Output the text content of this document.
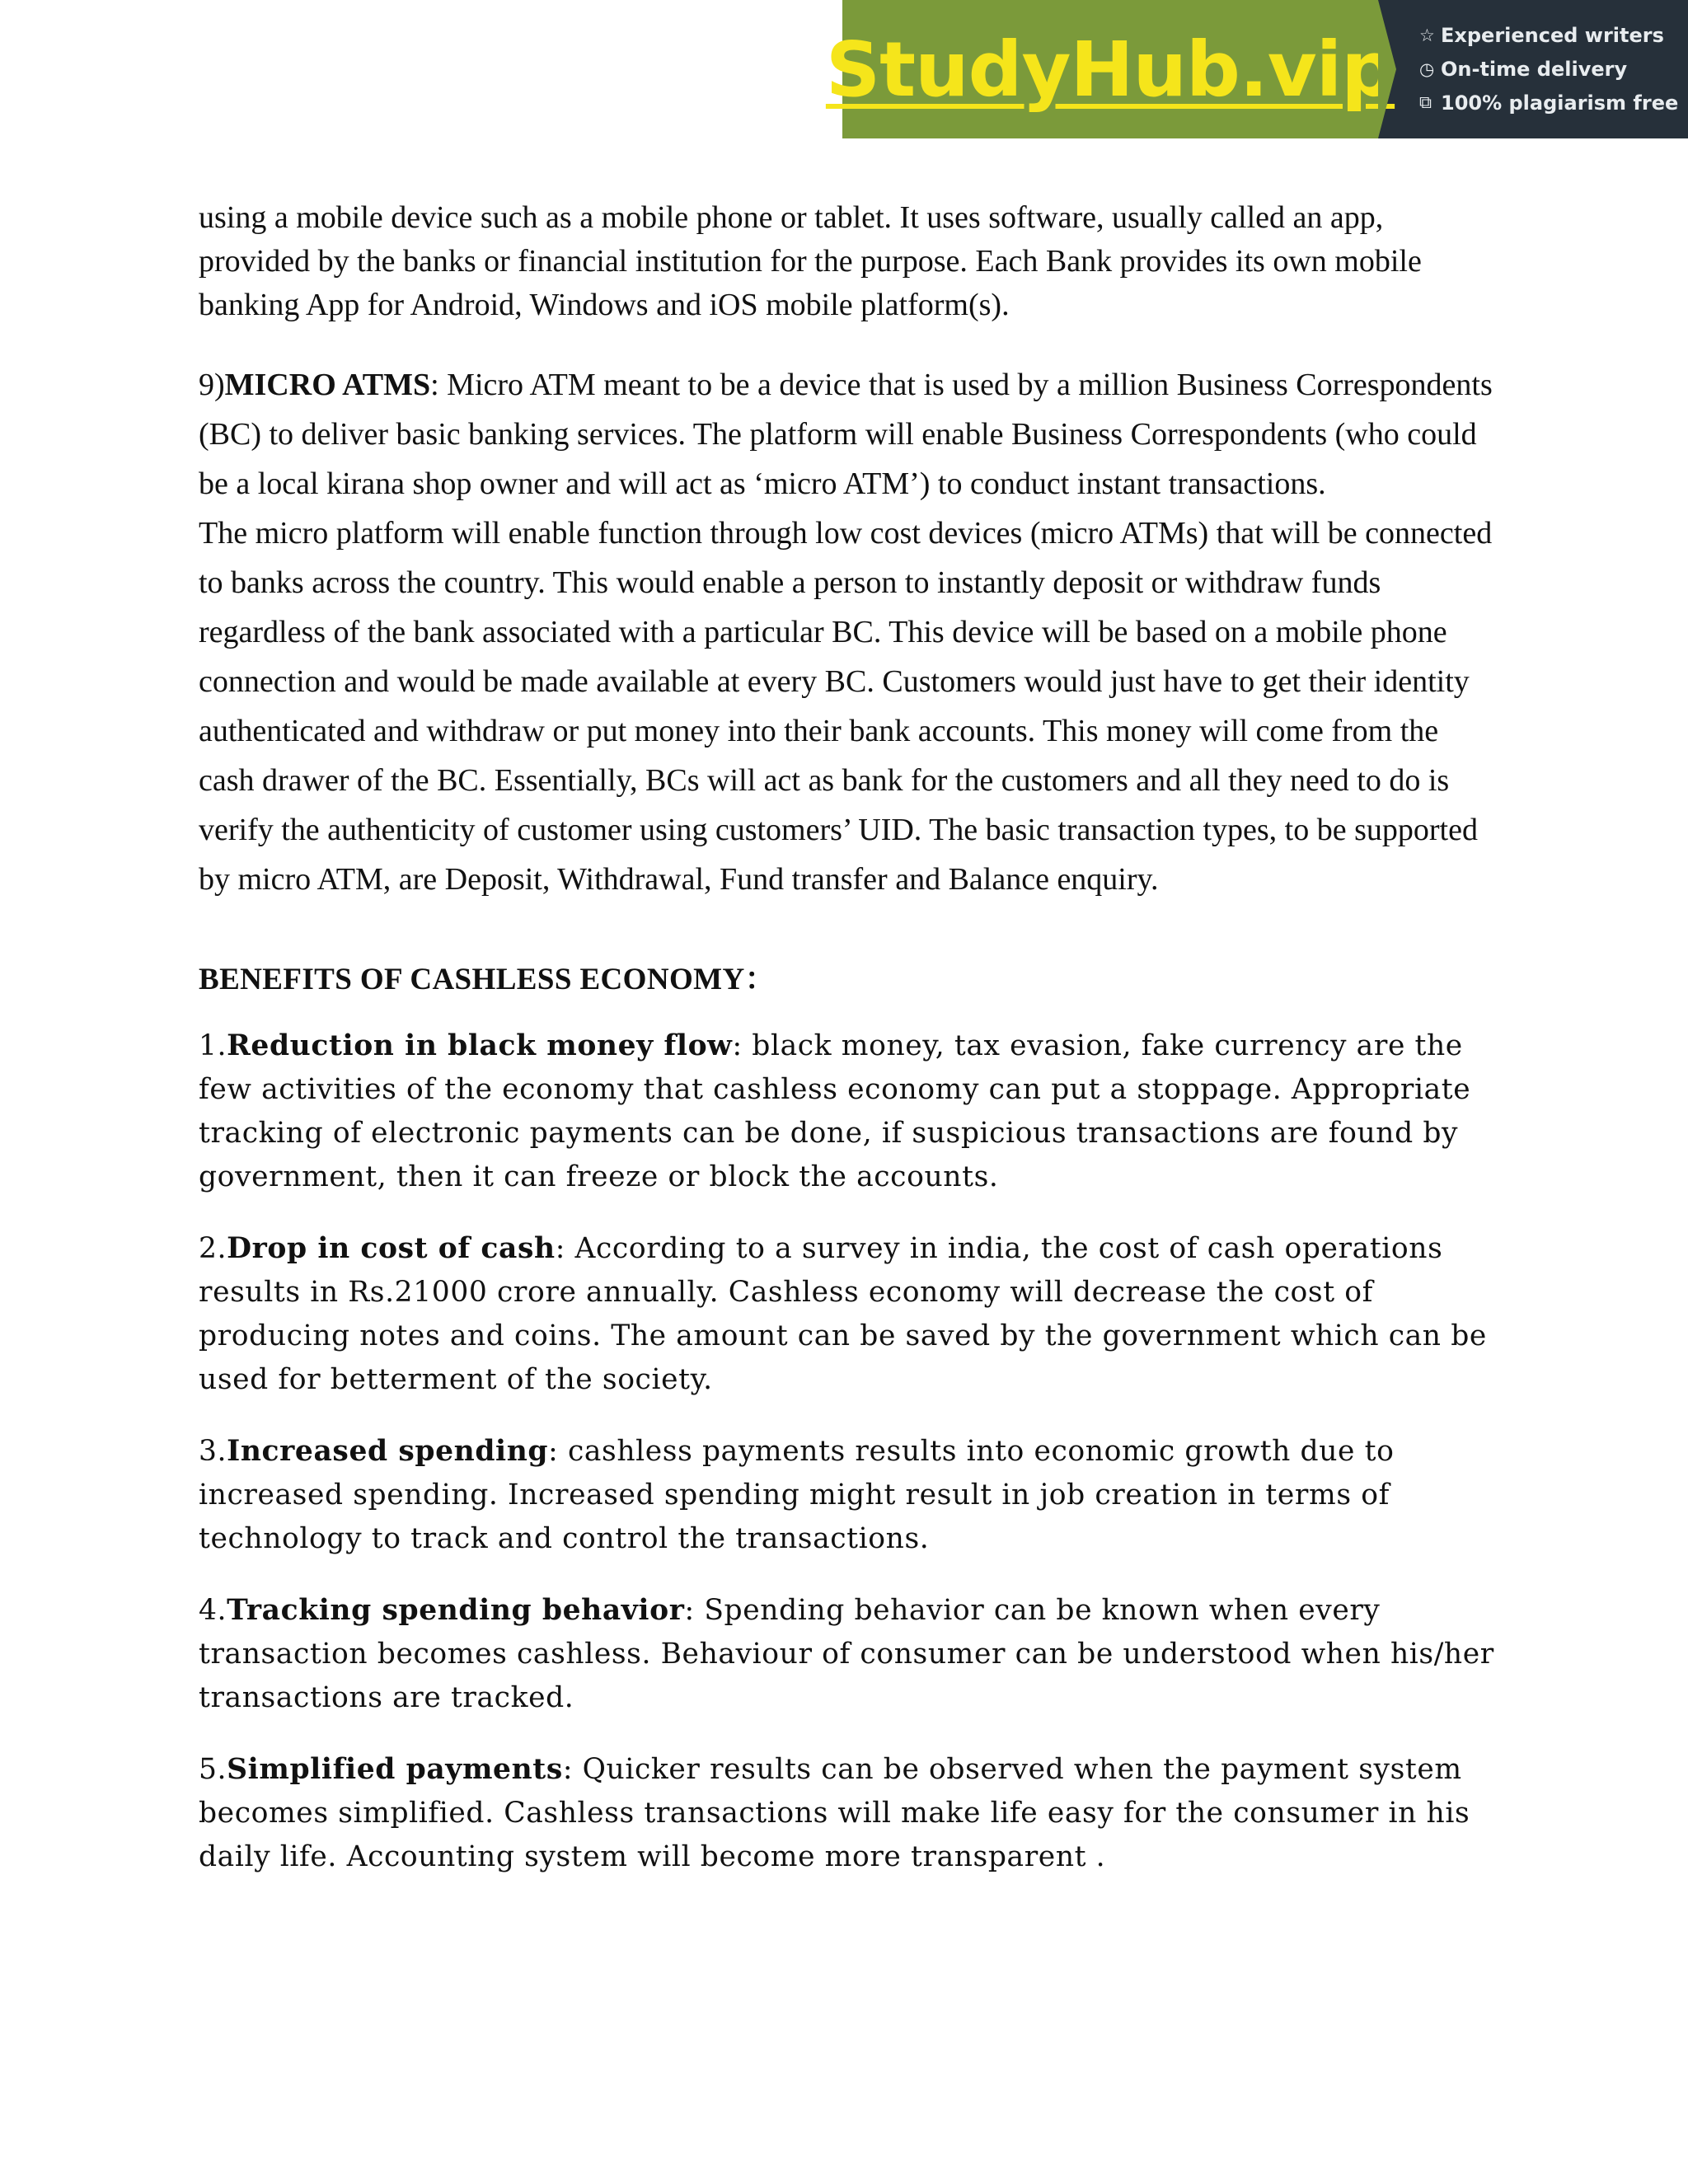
StudyHub.vip ☆ Experienced writers
◷ On-time delivery
⧉ 100% plagiarism free

using a mobile device such as a mobile phone or tablet. It uses software, usually called an app, provided by the banks or financial institution for the purpose. Each Bank provides its own mobile banking App for Android, Windows and iOS mobile platform(s).

9)MICRO ATMS: Micro ATM meant to be a device that is used by a million Business Correspondents (BC) to deliver basic banking services. The platform will enable Business Correspondents (who could be a local kirana shop owner and will act as ‘micro ATM’) to conduct instant transactions.

The micro platform will enable function through low cost devices (micro ATMs) that will be connected to banks across the country. This would enable a person to instantly deposit or withdraw funds regardless of the bank associated with a particular BC. This device will be based on a mobile phone connection and would be made available at every BC. Customers would just have to get their identity authenticated and withdraw or put money into their bank accounts. This money will come from the cash drawer of the BC. Essentially, BCs will act as bank for the customers and all they need to do is verify the authenticity of customer using customers’ UID. The basic transaction types, to be supported by micro ATM, are Deposit, Withdrawal, Fund transfer and Balance enquiry.

BENEFITS OF CASHLESS ECONOMY：

1.Reduction in black money flow: black money, tax evasion, fake currency are the few activities of the economy that cashless economy can put a stoppage. Appropriate tracking of electronic payments can be done, if suspicious transactions are found by government, then it can freeze or block the accounts.

2.Drop in cost of cash: According to a survey in india, the cost of cash operations results in Rs.21000 crore annually. Cashless economy will decrease the cost of producing notes and coins. The amount can be saved by the government which can be used for betterment of the society.

3.Increased spending: cashless payments results into economic growth due to increased spending. Increased spending might result in job creation in terms of technology to track and control the transactions.

4.Tracking spending behavior: Spending behavior can be known when every transaction becomes cashless. Behaviour of consumer can be understood when his/her transactions are tracked.

5.Simplified payments: Quicker results can be observed when the payment system becomes simplified. Cashless transactions will make life easy for the consumer in his daily life. Accounting system will become more transparent .
